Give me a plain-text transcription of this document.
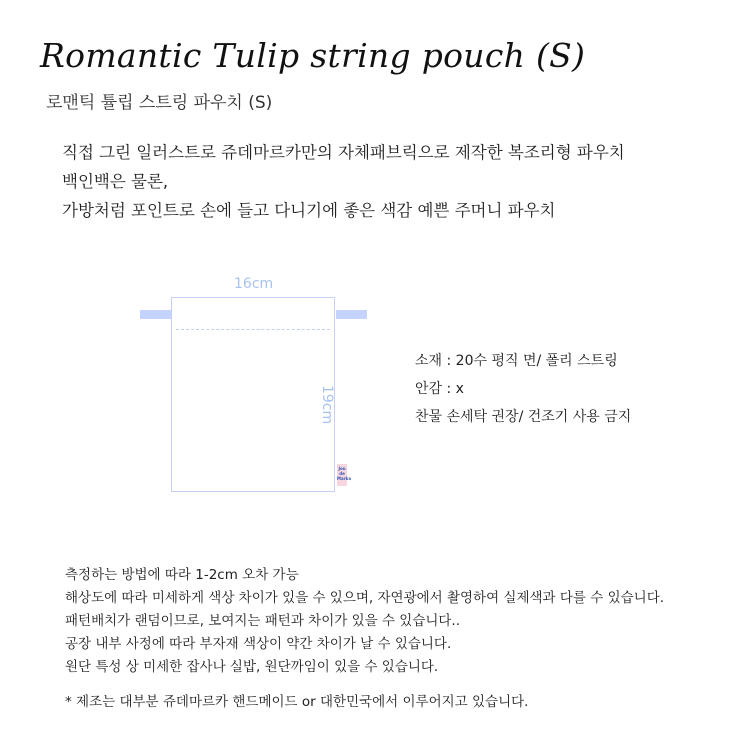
Romantic Tulip string pouch (S)
로맨틱 튤립 스트링 파우치 (S)
직접 그린 일러스트로 쥬데마르카만의 자체패브릭으로 제작한 복조리형 파우치
백인백은 물론,
가방처럼 포인트로 손에 들고 다니기에 좋은 색감 예쁜 주머니 파우치
16cm
19cm
Jou de Marka
소재 : 20수 평직 면/ 폴리 스트링
안감 : x
찬물 손세탁 권장/ 건조기 사용 금지
측정하는 방법에 따라 1-2cm 오차 가능
해상도에 따라 미세하게 색상 차이가 있을 수 있으며, 자연광에서 촬영하여 실제색과 다를 수 있습니다.
패턴배치가 랜덤이므로, 보여지는 패턴과 차이가 있을 수 있습니다..
공장 내부 사정에 따라 부자재 색상이 약간 차이가 날 수 있습니다.
원단 특성 상 미세한 잡사나 실밥, 원단까임이 있을 수 있습니다.
* 제조는 대부분 쥬데마르카 핸드메이드 or 대한민국에서 이루어지고 있습니다.
